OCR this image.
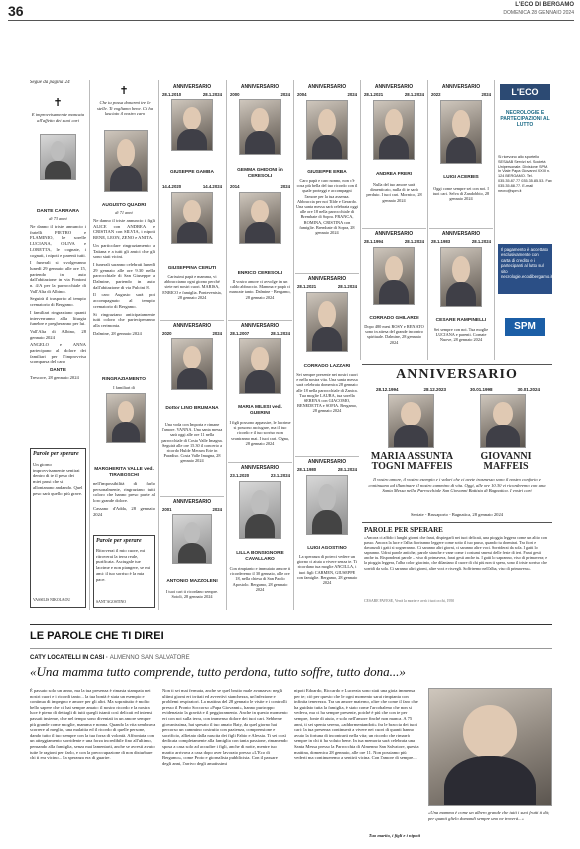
36	L'ECO DI BERGAMO
DOMENICA 28 GENNAIO 2024
Segue da pagina 24
✝
E improvvisamente mancata all'affetto dei suoi cari
DANTE CARRARA
di 73 anni

Ne danno il triste annuncio i fratelli PIETRO e FLAMINIO, le sorelle LUCIANA, OLIVA e LORETTA, le cognate, i cognati, i nipoti e parenti tutti.

I funerali si svolgeranno lunedì 29 gennaio alle ore 15, partendo in auto dall'abitazione in via Fontoni n. 4/A per la parrocchiale di Vall'Alta di Albino.

Seguirà il trasporto al tempio crematorio di Bergamo.

I familiari ringraziano quanti interverranno alla liturgia funebre e pregheranno per lui.

Vall'Alta di Albino, 28 gennaio 2024

ANGELO e ANNA partecipano al dolore dei familiari per l'improvvisa scomparsa del caro

DANTE

Trescore, 28 gennaio 2024

Parole per sperare
Un giorno improvvisamente sentirai dentro di te il peso dei miei passi che si allontanano andando. Quel peso sarà quello più grave.
VASSILIS NIKOLAOU
✝
Che tu possa donarmi tre le stelle. Ti vogliamo bene. Ci ha lasciato il nostro caro
AUGUSTO QUADRI
di 71 anni

Ne danno il triste annuncio i figli ALICE con ANDREA e CRISTIAN con SILVIA, i nipoti RENE, LEON, ZENO e ANITA.

Un particolare ringraziamento a Tatiana e a tutti gli amici che gli sono stati vicini.

I funerali saranno celebrati lunedì 29 gennaio alle ore 9.30 nella parrocchiale di San Giuseppe a Dalmine, partendo in auto dall'abitazione di via Pulcini 8.

Il caro Augusto sarà poi accompagnato al tempio crematorio di Bergamo.

Si ringraziano anticipatamente tutti coloro che parteciperanno alla cerimonia.

Dalmine, 28 gennaio 2024

RINGRAZIAMENTO
I familiari di
MARGHERITA VALLE ved. TIRABOSCHI

nell'impossibilità di farlo personalmente, ringraziano tutti coloro che hanno preso parte al loro grande dolore.

Cassano d'Adda, 28 gennaio 2024

Parole per sperare
Ritroverai il mio cuore, mi ritroverai la terra reale, purificata. Asciugale tue lacrime e non piangere, se mi ami: il tuo sorriso è la mia pace.
SANT'AGOSTINO
ANNIVERSARIO
28.1.2010	28.1.2024
GIUSEPPE GAMBA
14.4.2020	14.4.2024
GIUSEPPINA CERUTI
Carissimi papà e mamma, vi abbracciamo ogni giorno perché siete nei nostri cuori. MARISA, ENRICO e famiglia. Pontevenisia, 28 gennaio 2024
ANNIVERSARIO
2020	2024
Dottor LINO BRUMANA
Una voda con Importa e rimane l'amore. VANNA. Una santa messa sarà oggi alle ore 11 nella parrocchiale di Costa Valle Imagna. Seguirà alle ore 15.30 il concerto a ricordo Hulde Mecum Erie in Paradiso. Costa Valle Imagna, 28 gennaio 2024
ANNIVERSARIO
2001	2024
ANTONIO MAZZOLENI
I tuoi cari ti ricordano sempre. Sotoli, 28 gennaio 2024
ANNIVERSARIO
2000	2024
GEMMA GHIDONI in CERESOLI
2014	2024
ENRICO CERESOLI
Il vostro amore ci avvolge in un caldo abbraccio. Mamma e papà ci mancate tanto. Dalmine - Bergamo, 28 gennaio 2024
ANNIVERSARIO
28.1.2007	28.1.2024
MARIA MILESI ved. GUERINI
I figli possono appassire, le lacrime si possono asciugare, ma il tuo ricordo e il tuo sorriso non svaniranno mai. I tuoi cari. Ogna, 28 gennaio 2024
ANNIVERSARIO
23.1.2020	23.1.2024
LILLA BONSIGNORE CAVALLARO
Con rimpianto e immutato amore ti ricorderemo il 30 gennaio, alle ore 18, nella chiesa di San Paolo Apostolo. Bergamo, 28 gennaio 2024
ANNIVERSARIO
2004	2024
GIUSEPPE ERBA
Caro papà e caro nonno, non c'è cosa più bella del tuo ricordo con il quale proteggi e accompagni l'amore per la tua assenza. Abbraccia per noi Tilde e Gerardo. Una santa messa sarà celebrata oggi alle ore 18 nella parrocchiale di Brembate di Sopra. FRANCA, ROMINA, CRISTINA con famiglie. Brembate di Sopra, 28 gennaio 2024
ANNIVERSARIO
28.1.2021	28.1.2024
CORRADO LAZZARI
Sei sempre presente nei nostri cuori e nella nostra vita. Una santa messa sarà celebrata domenica 28 gennaio alle 18 nella parrocchiale di Zanica. Tua moglie LAURA, tua sorella SERENA con GIACOMO, BENEDETTA e SOFIA. Bergamo, 28 gennaio 2024
ANNIVERSARIO
28.1.1980	28.1.2024
LUIGI AGOSTINO
La speranza di poterci vedere un giorno ci aiuta a vivere senza te. Ti ricordano tua moglie ANCILLA, i tuoi figli CARMEN, GIUSEPPE con famiglie. Bergamo, 28 gennaio 2024
ANNIVERSARIO
28.1.2021	28.1.2024
ANDREA FRERI
Nulla del tuo amore sarà dimenticato, nulla di te sarà perduto. I tuoi cari. Mornico, 28 gennaio 2024
ANNIVERSARIO
28.1.1994	28.1.2024
CORRADO GHILARDI
Dopo 480 mesi ROSY e RENATO sono in attesa del grande incontro spirituale. Dalmine, 28 gennaio 2024
ANNIVERSARIO
2022	2024
LUIGI ACERBIS
Oggi come sempre sei con noi. I tuoi cari. Selva di Zandobbio, 28 gennaio 2024
ANNIVERSARIO
28.1.1983	28.1.2024
CESARE RAMPINELLI
Sei sempre con noi. Tua moglie LUCIANA e parenti. Cornate Nuove, 28 gennaio 2024
L'ECO
NECROLOGIE E PARTECIPAZIONI AL LUTTO
Si ricevono allo sportello SESAAB Servizi srl. Società Unipersonale. Divisione SPM. In Viale Papa Giovanni XXIII n. 124 BERGAMO. Tel. 035.35.87.77 035.35.85.53. Fax 035.35.88.77. E-mail necro@spm.it
Il pagamento è accettato esclusivamente con carta di credito e i partecipanti al lutto sul sito necrologie.ecodibergamo.it
SPM
ANNIVERSARIO
28.12.1994	28.12.2023	30.01.1998	30.01.2024
MARIA ASSUNTA TOGNI MAFFEIS
GIOVANNI MAFFEIS
Il vostro amore, il vostro esempio e i valori che ci avete trasmesso sono il nostro conforto e continuano ad illuminare il nostro cammino di vita. Oggi, alle ore 10.30 vi ricorderemo con una Santa Messa nella Parrocchiale San Giovanni Battista di Bagnatica. I vostri cari
Seriate - Brusaporto - Bagnatica, 28 gennaio 2024
PAROLE PER SPERARE
«Ancora ci affido i lunghi giorni che farai, dispiegarli nei tuoi delicati, una pioggia leggera come un alito con passo. Ancora la luce e l'alba fioriranno leggere come sotto il tuo passo, quando tu dormirai. Tra fiori e davanzali i gatti si sogneranno. Ci saranno altri giorni, ci saranno altre voci. Sorriderai da sola. I gatti lo sapranno. Udrai parole antiche, parole stanche e vane come i costumi smessi delle feste di ieri. Farai gesti anche tu. Risponderai parole – viso di primavera, farai gesti anche tu. I gatti lo sapranno, viso di primavera; e la pioggia leggera, l'alba color giacinto, che dilaniano il cuore di chi più non ti spera, sono il triste sorriso che sorridi da sola. Ci saranno altri giorni, altre voci e risvegli. Soffriremo nell'alba, viso di primavera».
CESARE PAVESE, Verrà la morte e avrà i tuoi occhi, 1950
LE PAROLE CHE TI DIREI
CATY LOCATELLI IN CASI · ALMENNO SAN SALVATORE
«Una mamma tutto comprende, tutto perdona, tutto soffre, tutto dona...»
È passato solo un anno, ma la tua presenza è rimasta stampata nei nostri cuori e i ricordi tanto... la tua bontà è stata un esempio e continua di impegno e amore per gli altri. Ma soprattutto è molto bello sapere che ci hai sempre amato: il nostro ricordo e la nostra luce è pieno di dettagli di tutti quegli istanti così delicati ed intensi passati insieme, che nel tempo sono diventati in un amore sempre più grande come moglie, mamma e nonna. Quando la vita sembrava scorrere al meglio, una malattia ed il ricordo di quelle persone, dando tutto il tuo sempre con la tua forza di volontà. Affrontata con un atteggiamento sorridente e una forza incredibile fino all'ultimo, pensando alla famiglia, senza mai lamentarti, anche se avresti avuto tutte le ragioni per farlo, e con la preoccupazione di non disturbare chi ti era vicino... la speranza era di guarire.
Non ti sei mai fermata, anche se quel brutto male avanzava: negli ultimi giorni eri irritati ed avvertivi stanchezza, un'infezione e problemi respiratori. La mattina del 28 gennaio le visite e i controlli presso il Pronto Soccorso «Papa Giovanni», hanno purtroppo evidenziato la gravità e il peggioramento. Anche in questo momento eri con noi sulla terra, con immenso dolore dei tuoi cari. Sebbene giovanissima, hai spesato il tuo amato Baty, da quel giorno hai percorso un cammino costruito con pazienza, comprensione e sacrificio, allietato dalla nascita dei figli Fabio e Alessia. Ti sei così dedicata completamente alla famiglia con tanta passione, rimanendo sposa a casa solo ad accudire i figli, anche di notte, mentre tuo marito arrivava a casa dopo aver lavorato presso «L'Eco di Bergamo», come Proto e giornalista pubblicista. Con il passare degli anni, l'arrivo degli amatissimi
nipoti Edoardo, Riccardo e Lucrezia sono stati una gioia immensa per te; ciò per questo che le ogni momento sarai rimpianta con infinita tenerezza. Tra un amore materno, oltre che come il faro che ha guidato tutta la famiglia, è stato come l'arcobaleno che non si vedeva, ma ci ha sempre presente, poiché è piú che con te per sempre, fonte di aiuto, e solo nell'amore finché non manca. A 75 anni, ti sei spenta serena, «addormentandoti» fra le braccia dei tuoi cari: la tua presenza continuerà a vivere nei cuori di quanti hanno avuto la fortuna di incontrarti nella vita; un ricordo che rimarrà sempre in chi ti ha voluto bene. In tua memoria sarà celebrata una Santa Messa presso la Parrocchia di Almenno San Salvatore, questa mattina, domenica 28 gennaio, alle ore 11. Non possiamo più vederti ma continueremo a sentirti vicina. Con l'amore di sempre...
Tuo marito, i figli e i nipoti
«Una mamma è come un albero grande che tutti i suoi frutti ti dà; per quanti glielo domandi sempre uno ne troverà...»
